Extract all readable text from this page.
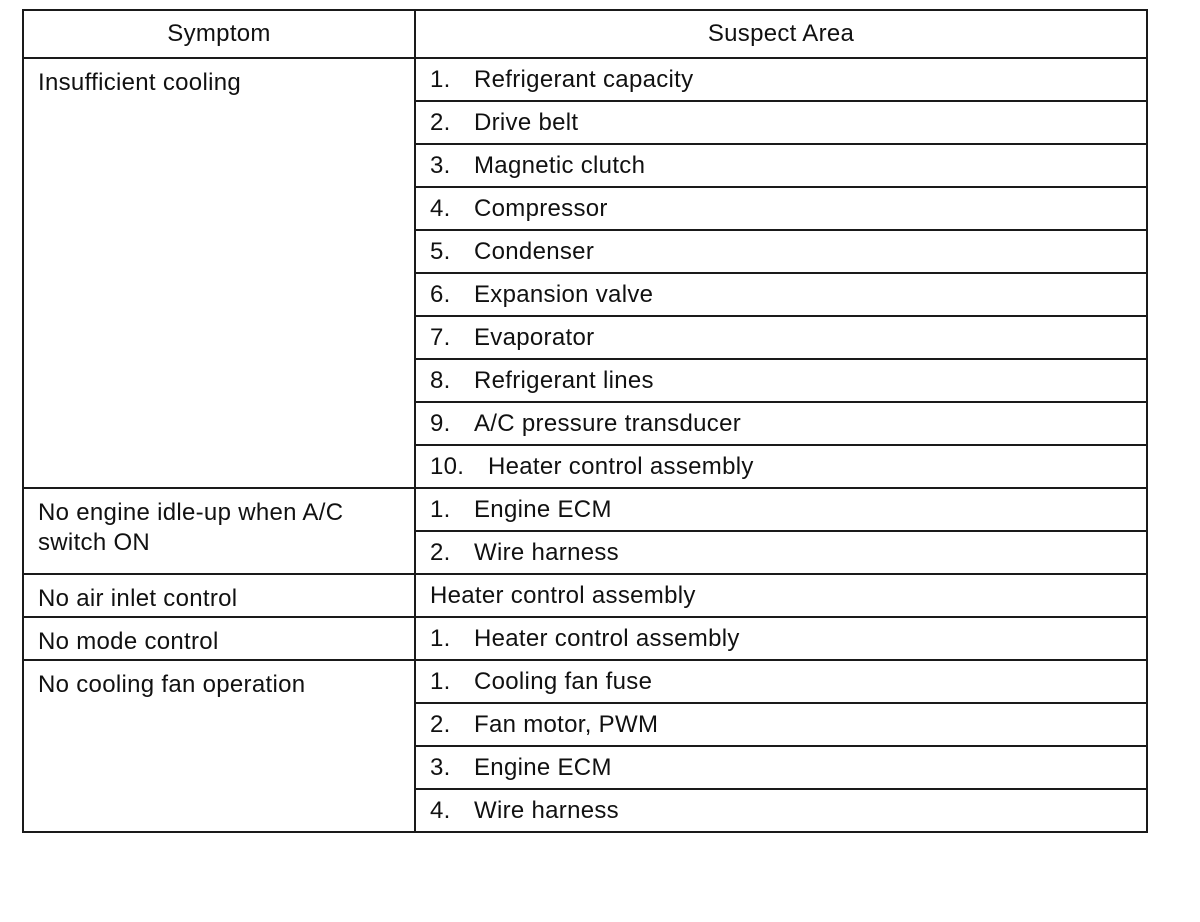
Symptom	Suspect Area
Insufficient cooling	1. Refrigerant capacity
	2. Drive belt
	3. Magnetic clutch
	4. Compressor
	5. Condenser
	6. Expansion valve
	7. Evaporator
	8. Refrigerant lines
	9. A/C pressure transducer
	10. Heater control assembly
No engine idle-up when A/C switch ON	1. Engine ECM
	2. Wire harness
No air inlet control	Heater control assembly
No mode control	1. Heater control assembly
No cooling fan operation	1. Cooling fan fuse
	2. Fan motor, PWM
	3. Engine ECM
	4. Wire harness
